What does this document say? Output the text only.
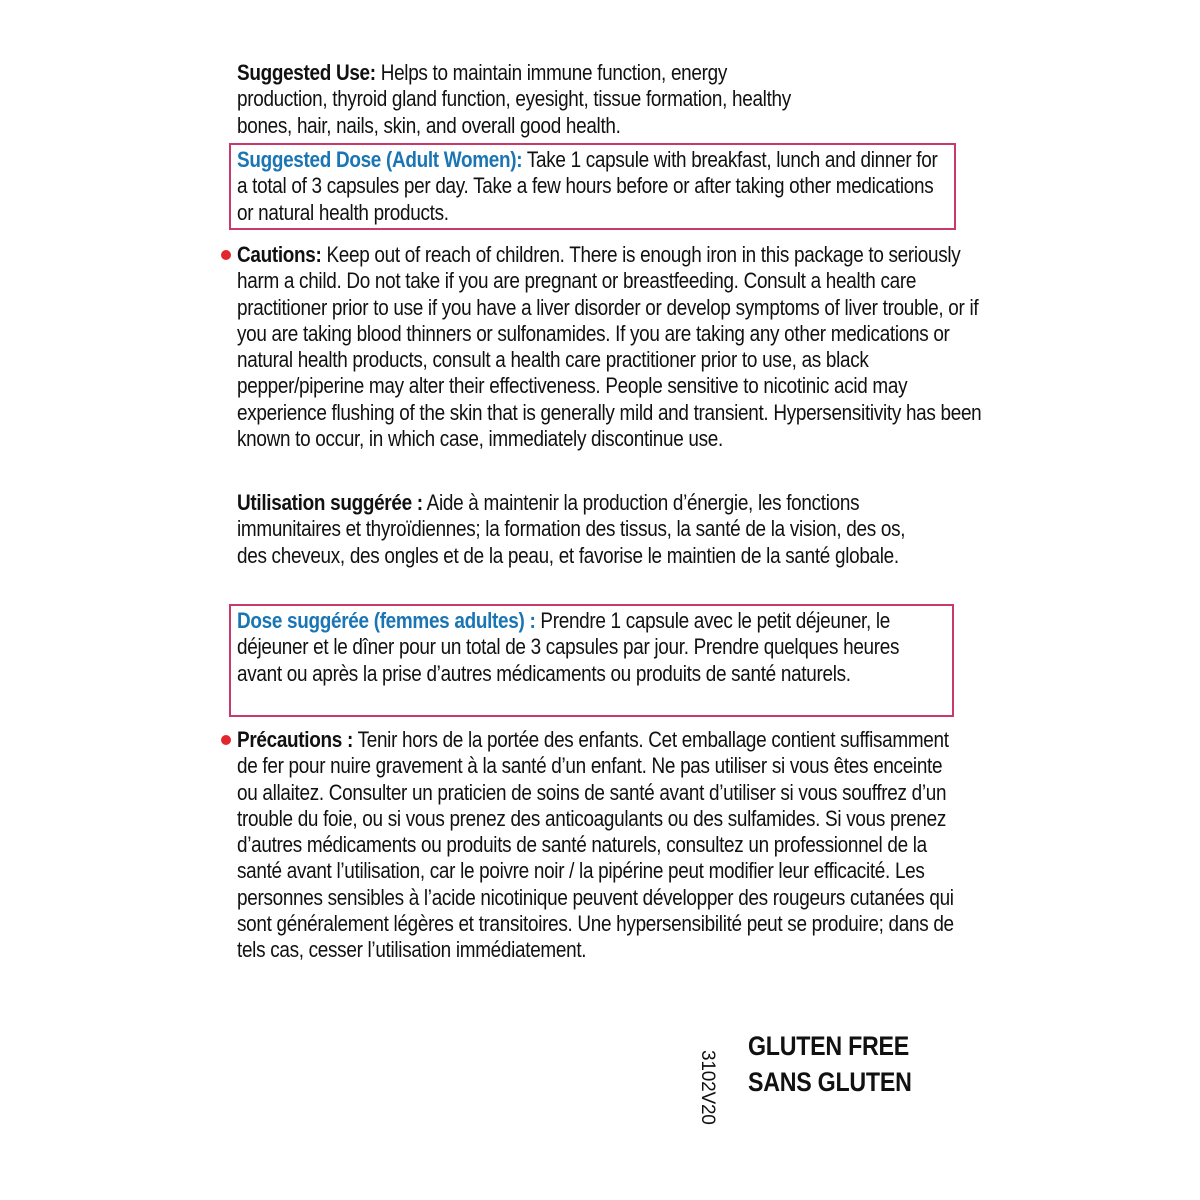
Suggested Use: Helps to maintain immune function, energy production, thyroid gland function, eyesight, tissue formation, healthy bones, hair, nails, skin, and overall good health.

Suggested Dose (Adult Women): Take 1 capsule with breakfast, lunch and dinner for a total of 3 capsules per day. Take a few hours before or after taking other medications or natural health products.

Cautions: Keep out of reach of children. There is enough iron in this package to seriously harm a child. Do not take if you are pregnant or breastfeeding. Consult a health care practitioner prior to use if you have a liver disorder or develop symptoms of liver trouble, or if you are taking blood thinners or sulfonamides. If you are taking any other medications or natural health products, consult a health care practitioner prior to use, as black pepper/piperine may alter their effectiveness. People sensitive to nicotinic acid may experience flushing of the skin that is generally mild and transient. Hypersensitivity has been known to occur, in which case, immediately discontinue use.

Utilisation suggérée : Aide à maintenir la production d’énergie, les fonctions immunitaires et thyroïdiennes; la formation des tissus, la santé de la vision, des os, des cheveux, des ongles et de la peau, et favorise le maintien de la santé globale.

Dose suggérée (femmes adultes) : Prendre 1 capsule avec le petit déjeuner, le déjeuner et le dîner pour un total de 3 capsules par jour. Prendre quelques heures avant ou après la prise d’autres médicaments ou produits de santé naturels.

Précautions : Tenir hors de la portée des enfants. Cet emballage contient suffisamment de fer pour nuire gravement à la santé d’un enfant. Ne pas utiliser si vous êtes enceinte ou allaitez. Consulter un praticien de soins de santé avant d’utiliser si vous souffrez d’un trouble du foie, ou si vous prenez des anticoagulants ou des sulfamides. Si vous prenez d’autres médicaments ou produits de santé naturels, consultez un professionnel de la santé avant l’utilisation, car le poivre noir / la pipérine peut modifier leur efficacité. Les personnes sensibles à l’acide nicotinique peuvent développer des rougeurs cutanées qui sont généralement légères et transitoires. Une hypersensibilité peut se produire; dans de tels cas, cesser l’utilisation immédiatement.

GLUTEN FREE

SANS GLUTEN

3102V20
